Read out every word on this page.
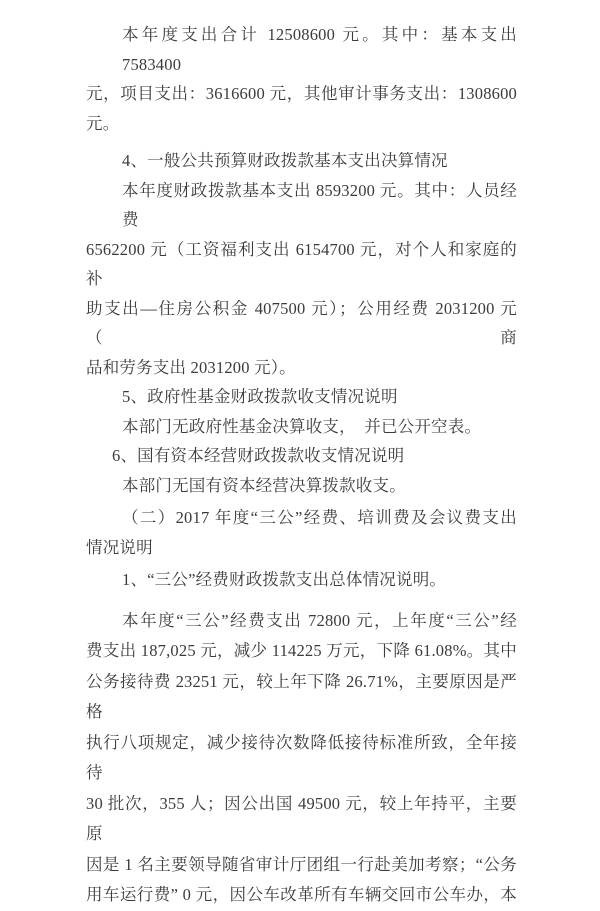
本年度支出合计 12508600 元。其中：基本支出 7583400
元，项目支出：3616600 元，其他审计事务支出：1308600
元。
4、一般公共预算财政拨款基本支出决算情况
本年度财政拨款基本支出 8593200 元。其中：人员经费
6562200 元（工资福利支出 6154700 元，对个人和家庭的补
助支出—住房公积金 407500 元）；公用经费 2031200 元（商
品和劳务支出 2031200 元）。
5、政府性基金财政拨款收支情况说明
本部门无政府性基金决算收支，　并已公开空表。
6、国有资本经营财政拨款收支情况说明
本部门无国有资本经营决算拨款收支。
（二）2017 年度“三公”经费、培训费及会议费支出
情况说明
1、“三公”经费财政拨款支出总体情况说明。
本年度“三公”经费支出 72800 元，上年度“三公”经
费支出 187,025 元，减少 114225 万元，下降 61.08%。其中
公务接待费 23251 元，较上年下降 26.71%，主要原因是严格
执行八项规定，减少接待次数降低接待标准所致，全年接待
30 批次，355 人；因公出国 49500 元，较上年持平，主要原
因是 1 名主要领导随省审计厅团组一行赴美加考察；“公务
用车运行费” 0 元，因公车改革所有车辆交回市公车办，本
